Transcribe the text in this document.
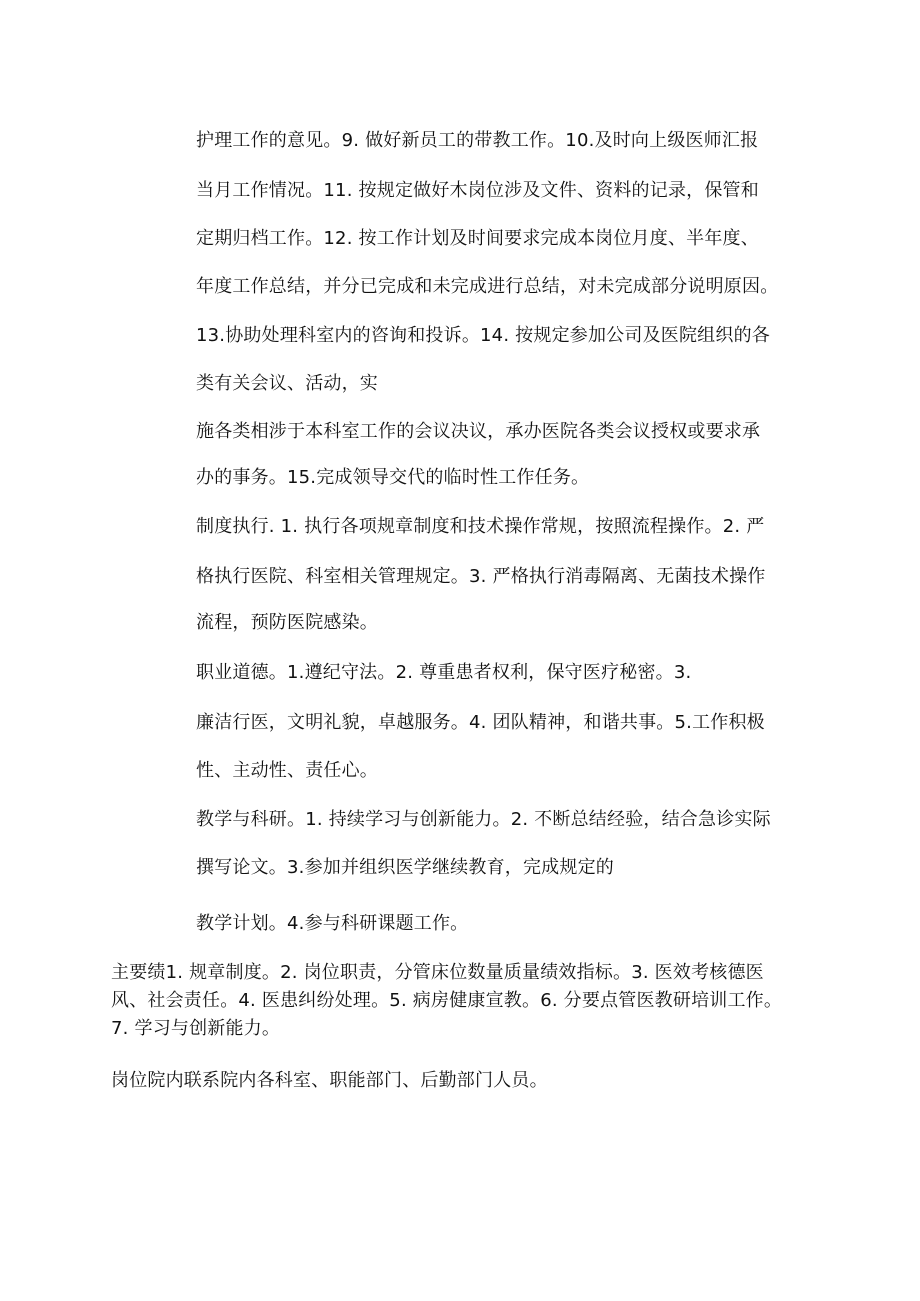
护理工作的意见。9. 做好新员工的带教工作。10.及时向上级医师汇报
当月工作情况。11. 按规定做好木岗位涉及文件、资料的记录，保管和
定期归档工作。12. 按工作计划及时间要求完成本岗位月度、半年度、
年度工作总结，并分已完成和未完成进行总结，对未完成部分说明原因。
13.协助处理科室内的咨询和投诉。14. 按规定参加公司及医院组织的各
类有关会议、活动，实
施各类相涉于本科室工作的会议决议，承办医院各类会议授权或要求承
办的事务。15.完成领导交代的临时性工作任务。
制度执行. 1. 执行各项规章制度和技术操作常规，按照流程操作。2. 严
格执行医院、科室相关管理规定。3. 严格执行消毒隔离、无菌技术操作
流程，预防医院感染。
职业道德。1.遵纪守法。2. 尊重患者权利，保守医疗秘密。3.
廉洁行医，文明礼貌，卓越服务。4. 团队精神，和谐共事。5.工作积极
性、主动性、责任心。
教学与科研。1. 持续学习与创新能力。2. 不断总结经验，结合急诊实际
撰写论文。3.参加并组织医学继续教育，完成规定的
教学计划。4.参与科研课题工作。
主要绩1. 规章制度。2. 岗位职责，分管床位数量质量绩效指标。3. 医效考核德医
风、社会责任。4. 医患纠纷处理。5. 病房健康宣教。6. 分要点管医教研培训工作。
7. 学习与创新能力。
岗位院内联系院内各科室、职能部门、后勤部门人员。
